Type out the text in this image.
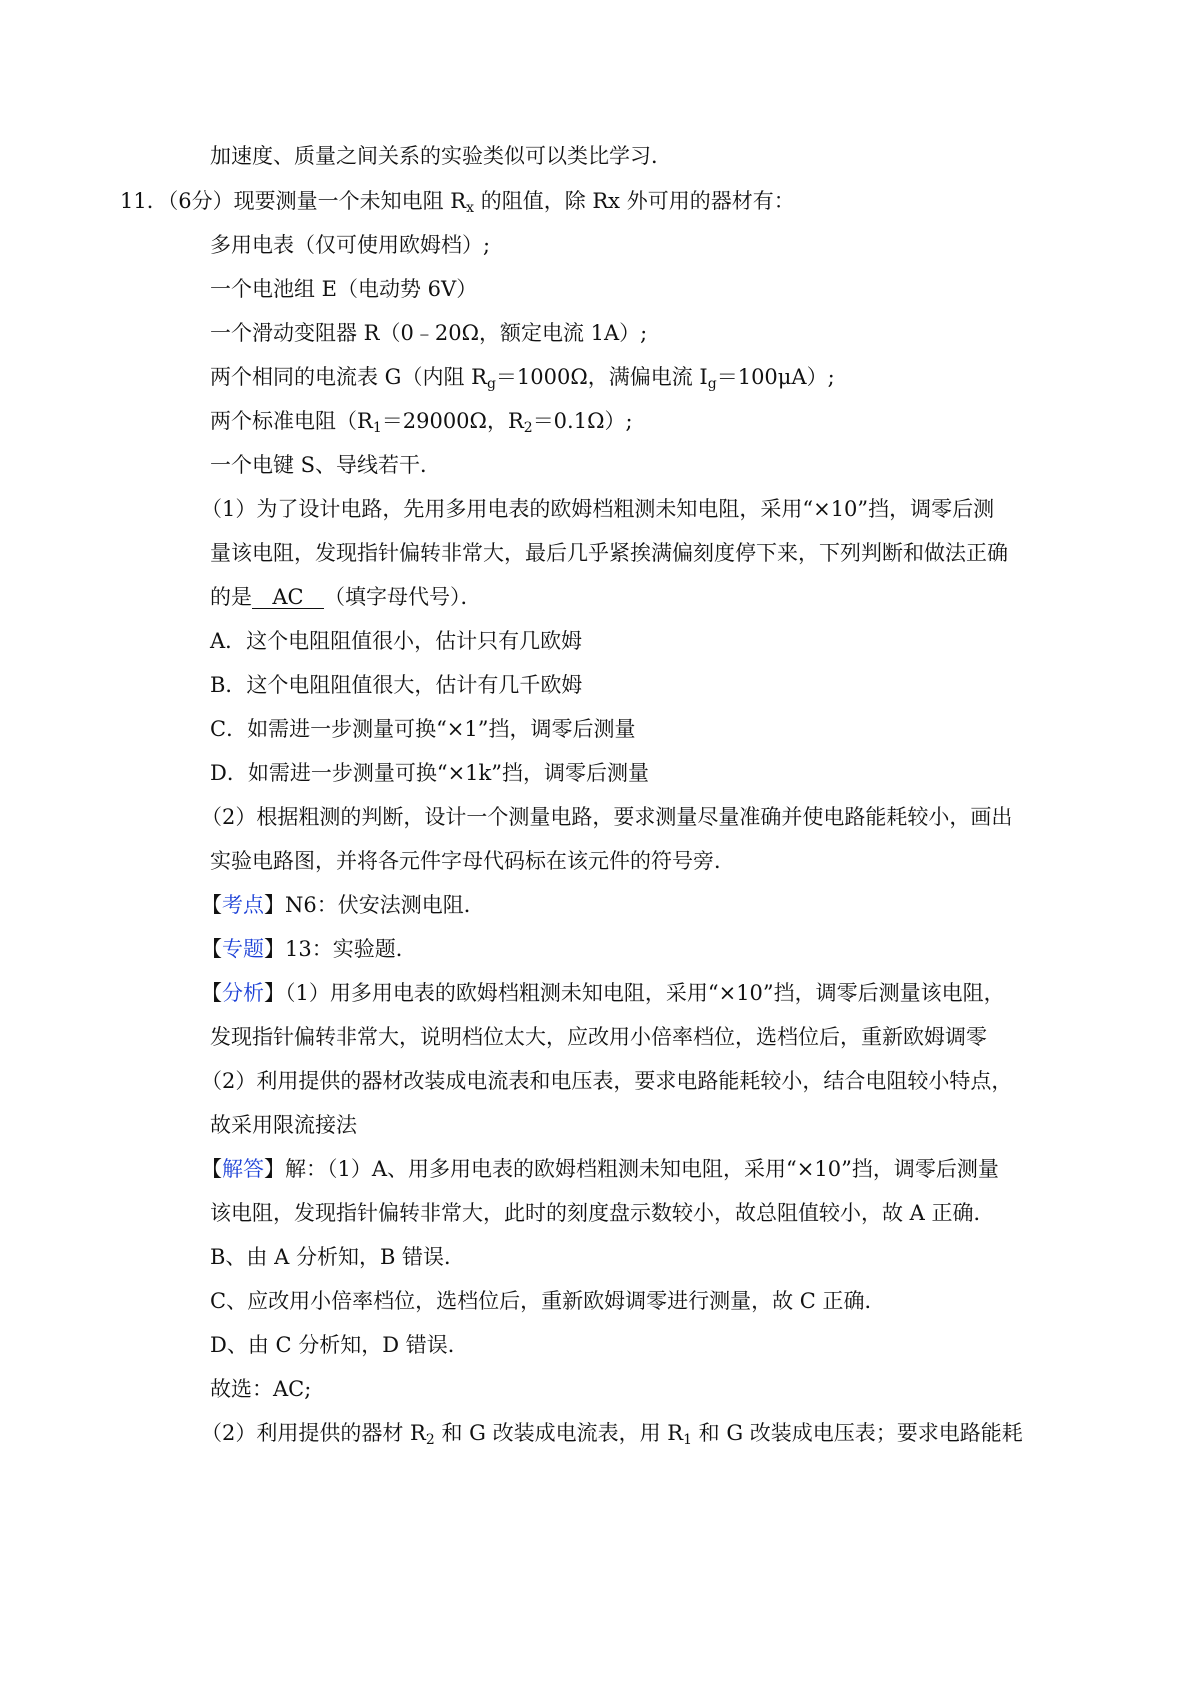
加速度、质量之间关系的实验类似可以类比学习．
11．（6分）现要测量一个未知电阻 $R_x$ 的阻值，除 Rx 外可用的器材有：
多用电表（仅可使用欧姆档）;
一个电池组 E（电动势 6V）
一个滑动变阻器 R（0﹣20Ω，额定电流 1A）;
两个相同的电流表 G（内阻 $R_g=1000\Omega$，满偏电流 $I_g=100\mu A$）;
两个标准电阻（$R_1=29000\Omega$，$R_2=0.1\Omega$）;
一个电键 S、导线若干．
（1）为了设计电路，先用多用电表的欧姆档粗测未知电阻，采用“×10”挡，调零后测
量该电阻，发现指针偏转非常大，最后几乎紧挨满偏刻度停下来，下列判断和做法正确
的是 AC （填字母代号）．
A．这个电阻阻值很小，估计只有几欧姆
B．这个电阻阻值很大，估计有几千欧姆
C．如需进一步测量可换“×1”挡，调零后测量
D．如需进一步测量可换“×1k”挡，调零后测量
（2）根据粗测的判断，设计一个测量电路，要求测量尽量准确并使电路能耗较小，画出
实验电路图，并将各元件字母代码标在该元件的符号旁．
【考点】N6：伏安法测电阻．
【专题】13：实验题．
【分析】（1）用多用电表的欧姆档粗测未知电阻，采用“×10”挡，调零后测量该电阻，
发现指针偏转非常大，说明档位太大，应改用小倍率档位，选档位后，重新欧姆调零
（2）利用提供的器材改装成电流表和电压表，要求电路能耗较小，结合电阻较小特点，
故采用限流接法
【解答】解：（1）A、用多用电表的欧姆档粗测未知电阻，采用“×10”挡，调零后测量
该电阻，发现指针偏转非常大，此时的刻度盘示数较小，故总阻值较小，故 A 正确．
B、由 A 分析知，B 错误．
C、应改用小倍率档位，选档位后，重新欧姆调零进行测量，故 C 正确．
D、由 C 分析知，D 错误．
故选：AC;
（2）利用提供的器材 $R_2$ 和 G 改装成电流表，用 $R_1$ 和 G 改装成电压表；要求电路能耗
